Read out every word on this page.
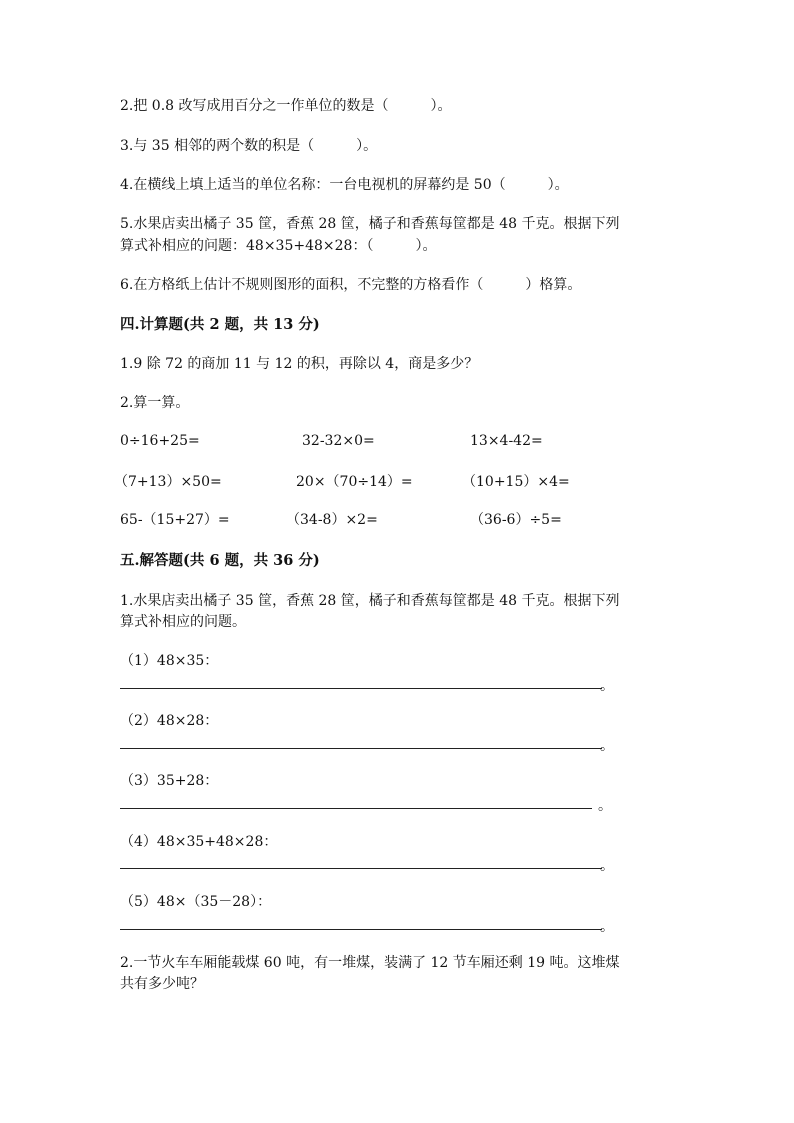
2.把 0.8 改写成用百分之一作单位的数是（　　　）。
3.与 35 相邻的两个数的积是（　　　）。
4.在横线上填上适当的单位名称：一台电视机的屏幕约是 50（　　　）。
5.水果店卖出橘子 35 筐，香蕉 28 筐，橘子和香蕉每筐都是 48 千克。根据下列
算式补相应的问题：48×35+48×28：（　　　）。
6.在方格纸上估计不规则图形的面积，不完整的方格看作（　　　）格算。
四.计算题(共 2 题，共 13 分)
1.9 除 72 的商加 11 与 12 的积，再除以 4，商是多少？
2.算一算。
0÷16+25=	32-32×0=	13×4-42=
（7+13）×50=	20×（70÷14）=	（10+15）×4=
65-（15+27）=	（34-8）×2=	（36-6）÷5=
五.解答题(共 6 题，共 36 分)
1.水果店卖出橘子 35 筐，香蕉 28 筐，橘子和香蕉每筐都是 48 千克。根据下列
算式补相应的问题。
（1）48×35：
。
（2）48×28：
。
（3）35+28：
。
（4）48×35+48×28：
。
（5）48×（35－28）：
。
2.一节火车车厢能载煤 60 吨，有一堆煤，装满了 12 节车厢还剩 19 吨。这堆煤
共有多少吨？
